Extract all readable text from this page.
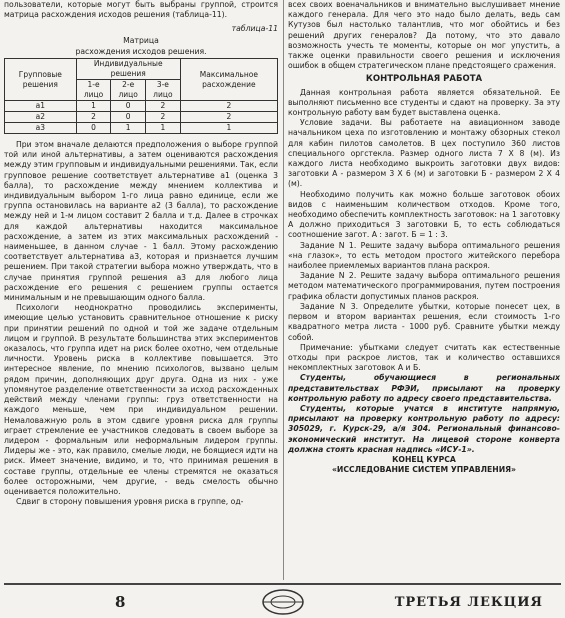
пользователи, которые могут быть выбраны группой, строится матрица расхождения исходов решения (таблица-11).

таблица-11

Матрица

расхождения исходов решения.

Групповые решения	Индивидуальные решения			Максимальное расхождение
	1-е лицо	2-е лицо	3-е лицо	
a1	1	0	2	2
a2	2	0	2	2
a3	0	1	1	1

При этом вначале делаются предположения о выборе группой той или иной альтернативы, а затем оцениваются расхождения между этим групповым и индивидуальными решениями. Так, если групповое решение соответствует альтернативе a1 (оценка 3 балла), то расхождение между мнением коллектива и индивидуальным выбором 1-го лица равно единице, если же группа остановилась на варианте a2 (3 балла), то расхождение между ней и 1-м лицом составит 2 балла и т.д. Далее в строчках для каждой альтернативы находится максимальное расхождение, а затем из этих максимальных расхождений - наименьшее, в данном случае - 1 балл. Этому расхождению соответствует альтернатива a3, которая и признается лучшим решением. При такой стратегии выбора можно утверждать, что в случае принятия группой решения a3 для любого лица расхождение его решения с решением группы остается минимальным и не превышающим одного балла.

Психологи неоднократно проводились эксперименты, имеющие целью установить сравнительное отношение к риску при принятии решений по одной и той же задаче отдельным лицом и группой. В результате большинства этих экспериментов оказалось, что группа идет на риск более охотно, чем отдельные личности. Уровень риска в коллективе повышается. Это интересное явление, по мнению психологов, вызвано целым рядом причин, дополняющих друг друга. Одна из них - уже упомянутое разделение ответственности за исход расхожденных действий между членами группы: груз ответственности на каждого меньше, чем при индивидуальном решении. Немаловажную роль в этом сдвиге уровня риска для группы играет стремление ее участников следовать в своем выборе за лидером - формальным или неформальным лидером группы. Лидеры же - это, как правило, смелые люди, не боящиеся идти на риск. Имеет значение, видимо, и то, что принимая решения в составе группы, отдельные ее члены стремятся не оказаться более осторожными, чем другие, - ведь смелость обычно оценивается положительно.

Сдвиг в сторону повышения уровня риска в группе, од-

всех своих военачальников и внимательно выслушивает мнение каждого генерала. Для чего это надо было делать, ведь сам Кутузов был настолько талантлив, что мог обойтись и без решений других генералов? Да потому, что это давало возможность учесть те моменты, которые он мог упустить, а также оценки правильности своего решения и исключения ошибок в общем стратегическом плане предстоящего сражения.

КОНТРОЛЬНАЯ РАБОТА

Данная контрольная работа является обязательной. Ее выполняют письменно все студенты и сдают на проверку. За эту контрольную работу вам будет выставлена оценка.

Условие задачи. Вы работаете на авиационном заводе начальником цеха по изготовлению и монтажу обзорных стекол для кабин пилотов самолетов. В цех поступило 360 листов специального оргстекла. Размер одного листа 7 X 8 (м). Из каждого листа необходимо выкроить заготовки двух видов: заготовки А - размером 3 X 6 (м) и заготовки Б - размером 2 X 4 (м).

Необходимо получить как можно больше заготовок обоих видов с наименьшим количеством отходов. Кроме того, необходимо обеспечить комплектность заготовок: на 1 заготовку А должно приходиться 3 заготовки Б, то есть соблюдаться соотношение загот. А : загот. Б = 1 : 3.

Задание N 1. Решите задачу выбора оптимального решения «на глазок», то есть методом простого житейского перебора наиболее приемлемых вариантов плана раскроя.

Задание N 2. Решите задачу выбора оптимального решения методом математического программирования, путем построения графика области допустимых планов раскроя.

Задание N 3. Определите убытки, которые понесет цех, в первом и втором вариантах решения, если стоимость 1-го квадратного метра листа - 1000 руб. Сравните убытки между собой.

Примечание: убытками следует считать как естественные отходы при раскрое листов, так и количество оставшихся некомплектных заготовок А и Б.

Студенты, обучающиеся в региональных представительствах РФЭИ, присылают на проверку контрольную работу по адресу своего представительства.

Студенты, которые учатся в институте напрямую, присылают на проверку контрольную работу по адресу: 305029, г. Курск-29, а/я 304. Региональный финансово-экономический институт. На лицевой стороне конверта должна стоять красная надпись «ИСУ-1».

КОНЕЦ КУРСА

«ИССЛЕДОВАНИЕ СИСТЕМ УПРАВЛЕНИЯ»

8	ТРЕТЬЯ ЛЕКЦИЯ
